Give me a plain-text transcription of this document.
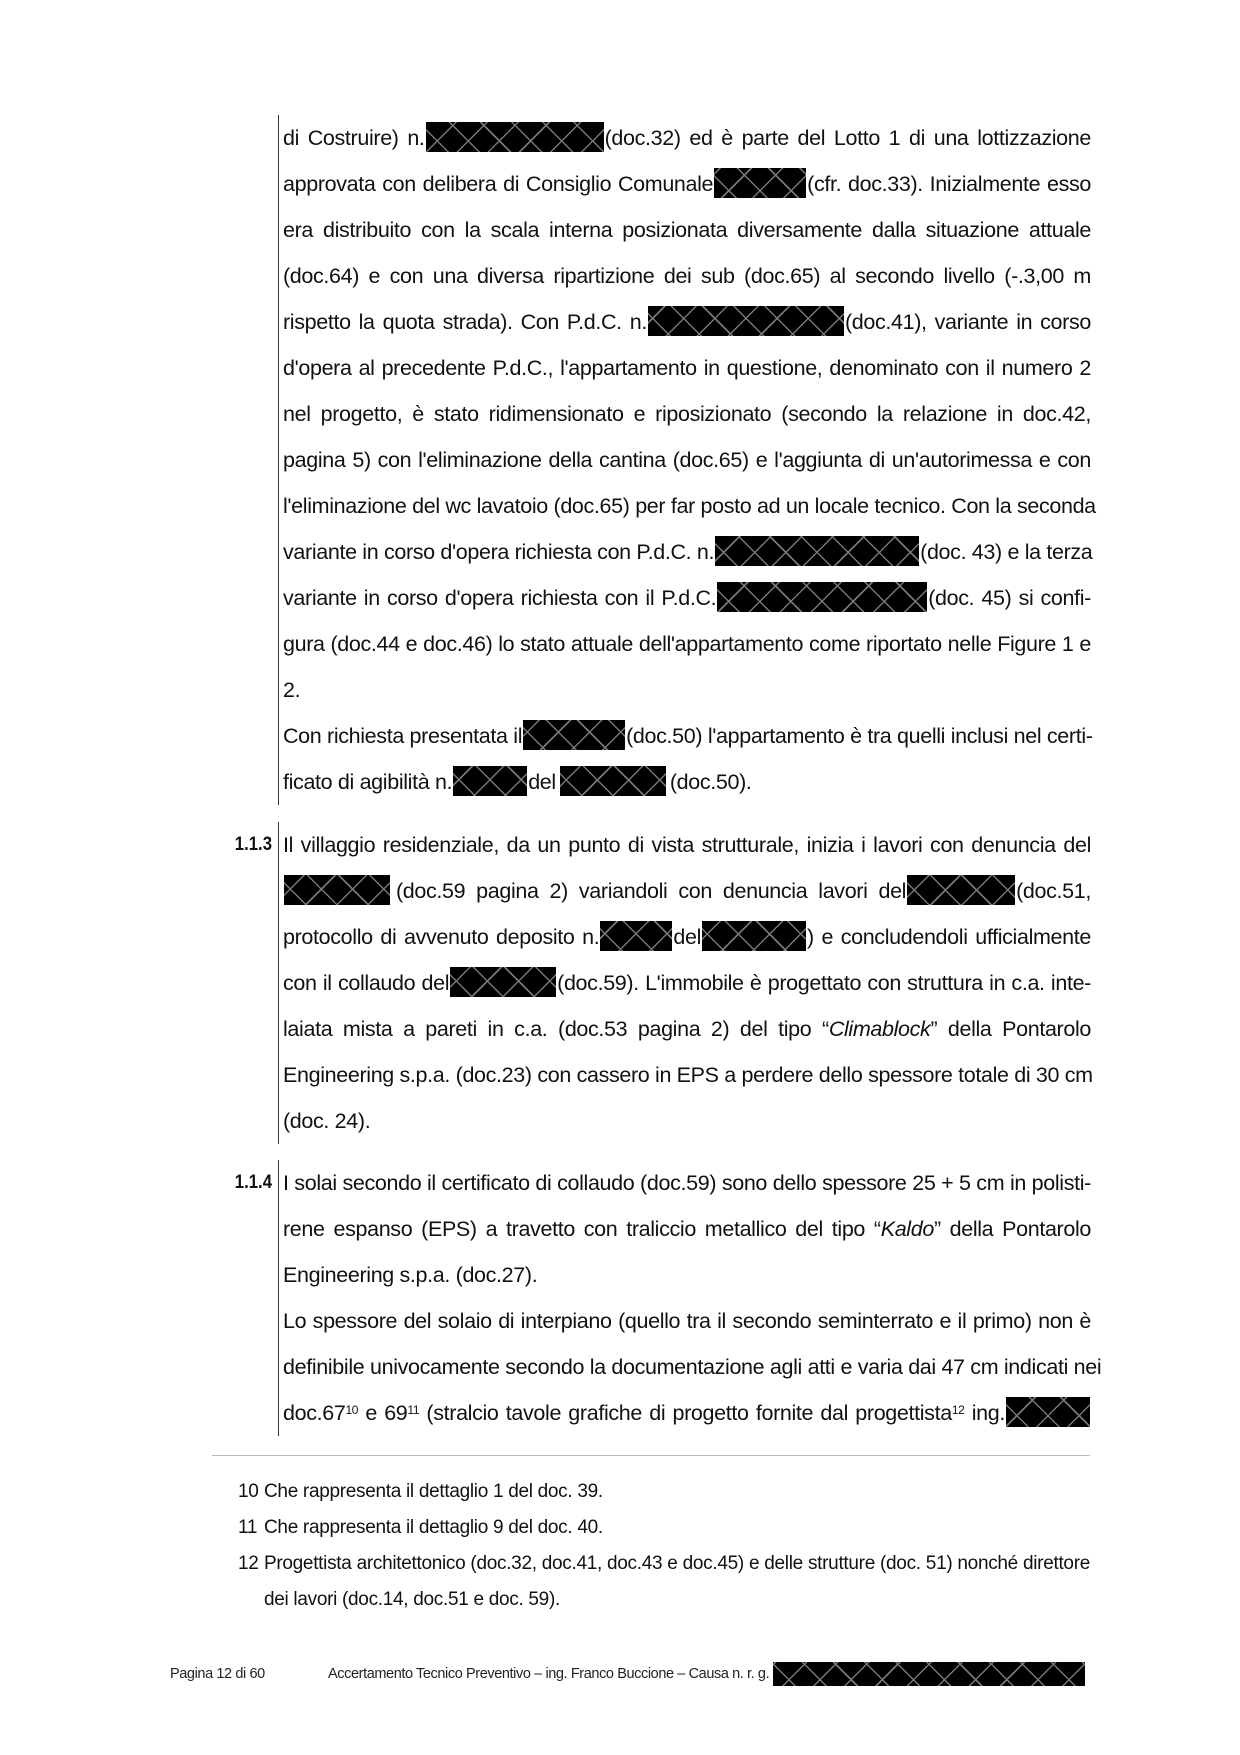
di Costruire) n.	(doc.32) ed è parte del Lotto 1 di una lottizzazione
approvata con delibera di Consiglio Comunale	(cfr. doc.33). Inizialmente esso
era distribuito con la scala interna posizionata diversamente dalla situazione attuale
(doc.64) e con una diversa ripartizione dei sub (doc.65) al secondo livello (-.3,00 m
rispetto la quota strada). Con P.d.C. n.	(doc.41), variante in corso
d'opera al precedente P.d.C., l'appartamento in questione, denominato con il numero 2
nel progetto, è stato ridimensionato e riposizionato (secondo la relazione in doc.42,
pagina 5) con l'eliminazione della cantina (doc.65) e l'aggiunta di un'autorimessa e con
l'eliminazione del wc lavatoio (doc.65) per far posto ad un locale tecnico. Con la seconda
variante in corso d'opera richiesta con P.d.C. n.	(doc. 43) e la terza
variante in corso d'opera richiesta con il P.d.C.	(doc. 45) si confi-
gura (doc.44 e doc.46) lo stato attuale dell'appartamento come riportato nelle Figure 1 e
2.
Con richiesta presentata il	(doc.50) l'appartamento è tra quelli inclusi nel certi-
ficato di agibilità n.	del	(doc.50).
1.1.3 Il villaggio residenziale, da un punto di vista strutturale, inizia i lavori con denuncia del
(doc.59 pagina 2) variandoli con denuncia lavori del	(doc.51,
protocollo di avvenuto deposito n.	del	) e concludendoli ufficialmente
con il collaudo del	(doc.59). L'immobile è progettato con struttura in c.a. inte-
laiata mista a pareti in c.a. (doc.53 pagina 2) del tipo “Climablock” della Pontarolo
Engineering s.p.a. (doc.23) con cassero in EPS a perdere dello spessore totale di 30 cm
(doc. 24).
1.1.4 I solai secondo il certificato di collaudo (doc.59) sono dello spessore 25 + 5 cm in polisti-
rene espanso (EPS) a travetto con traliccio metallico del tipo “Kaldo” della Pontarolo
Engineering s.p.a. (doc.27).
Lo spessore del solaio di interpiano (quello tra il secondo seminterrato e il primo) non è
definibile univocamente secondo la documentazione agli atti e varia dai 47 cm indicati nei
$doc.67^{10}$ e $69^{11}$ (stralcio tavole grafiche di progetto fornite dal progettista$^{12}$ ing.
10 Che rappresenta il dettaglio 1 del doc. 39.
11 Che rappresenta il dettaglio 9 del doc. 40.
12 Progettista architettonico (doc.32, doc.41, doc.43 e doc.45) e delle strutture (doc. 51) nonché direttore
dei lavori (doc.14, doc.51 e doc. 59).
Pagina 12 di 60	Accertamento Tecnico Preventivo – ing. Franco Buccione – Causa n. r. g.
